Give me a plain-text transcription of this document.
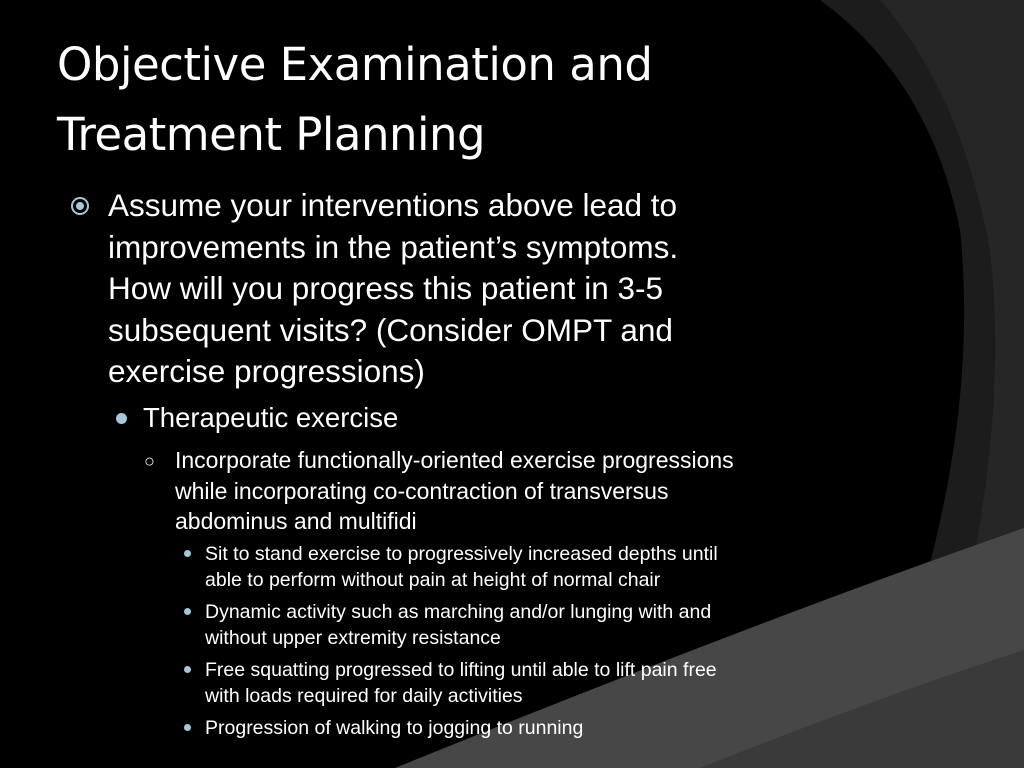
Objective Examination and
Treatment Planning
Assume your interventions above lead to
improvements in the patient’s symptoms.
How will you progress this patient in 3-5
subsequent visits? (Consider OMPT and
exercise progressions)
Therapeutic exercise
○ Incorporate functionally-oriented exercise progressions
while incorporating co-contraction of transversus
abdominus and multifidi
Sit to stand exercise to progressively increased depths until
able to perform without pain at height of normal chair
Dynamic activity such as marching and/or lunging with and
without upper extremity resistance
Free squatting progressed to lifting until able to lift pain free
with loads required for daily activities
Progression of walking to jogging to running
